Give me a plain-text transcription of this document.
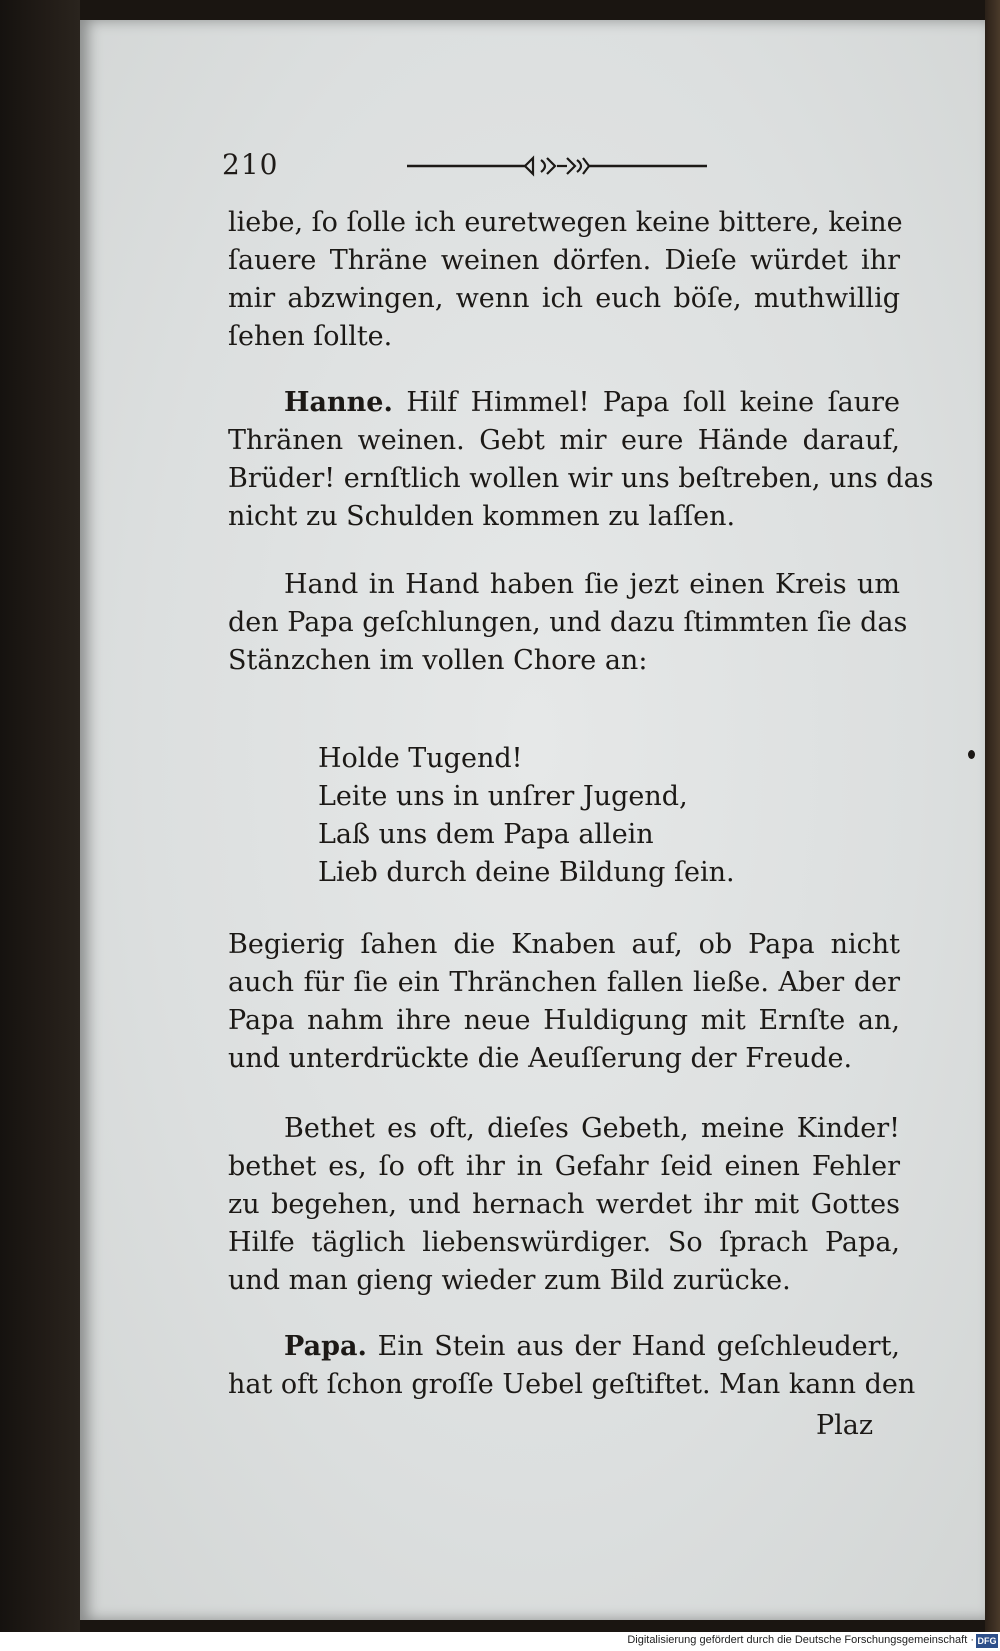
210
liebe, ſo ſolle ich euretwegen keine bittere, keine
ſauere Thräne weinen dörfen. Dieſe würdet ihr
mir abzwingen, wenn ich euch böſe, muthwillig
ſehen ſollte.
Hanne. Hilf Himmel! Papa ſoll keine ſaure
Thränen weinen. Gebt mir eure Hände darauf,
Brüder! ernſtlich wollen wir uns beſtreben, uns das
nicht zu Schulden kommen zu laſſen.
Hand in Hand haben ſie jezt einen Kreis um
den Papa geſchlungen, und dazu ſtimmten ſie das
Stänzchen im vollen Chore an:
Holde Tugend!
Leite uns in unſrer Jugend,
Laß uns dem Papa allein
Lieb durch deine Bildung ſein.
Begierig ſahen die Knaben auf, ob Papa nicht
auch für ſie ein Thränchen fallen ließe. Aber der
Papa nahm ihre neue Huldigung mit Ernſte an,
und unterdrückte die Aeuſſerung der Freude.
Bethet es oft, dieſes Gebeth, meine Kinder!
bethet es, ſo oft ihr in Gefahr ſeid einen Fehler
zu begehen, und hernach werdet ihr mit Gottes
Hilfe täglich liebenswürdiger. So ſprach Papa,
und man gieng wieder zum Bild zurücke.
Papa. Ein Stein aus der Hand geſchleudert,
hat oft ſchon groſſe Uebel geſtiftet. Man kann den
Plaz
Digitalisierung gefördert durch die Deutsche Forschungsgemeinschaft · DFG
